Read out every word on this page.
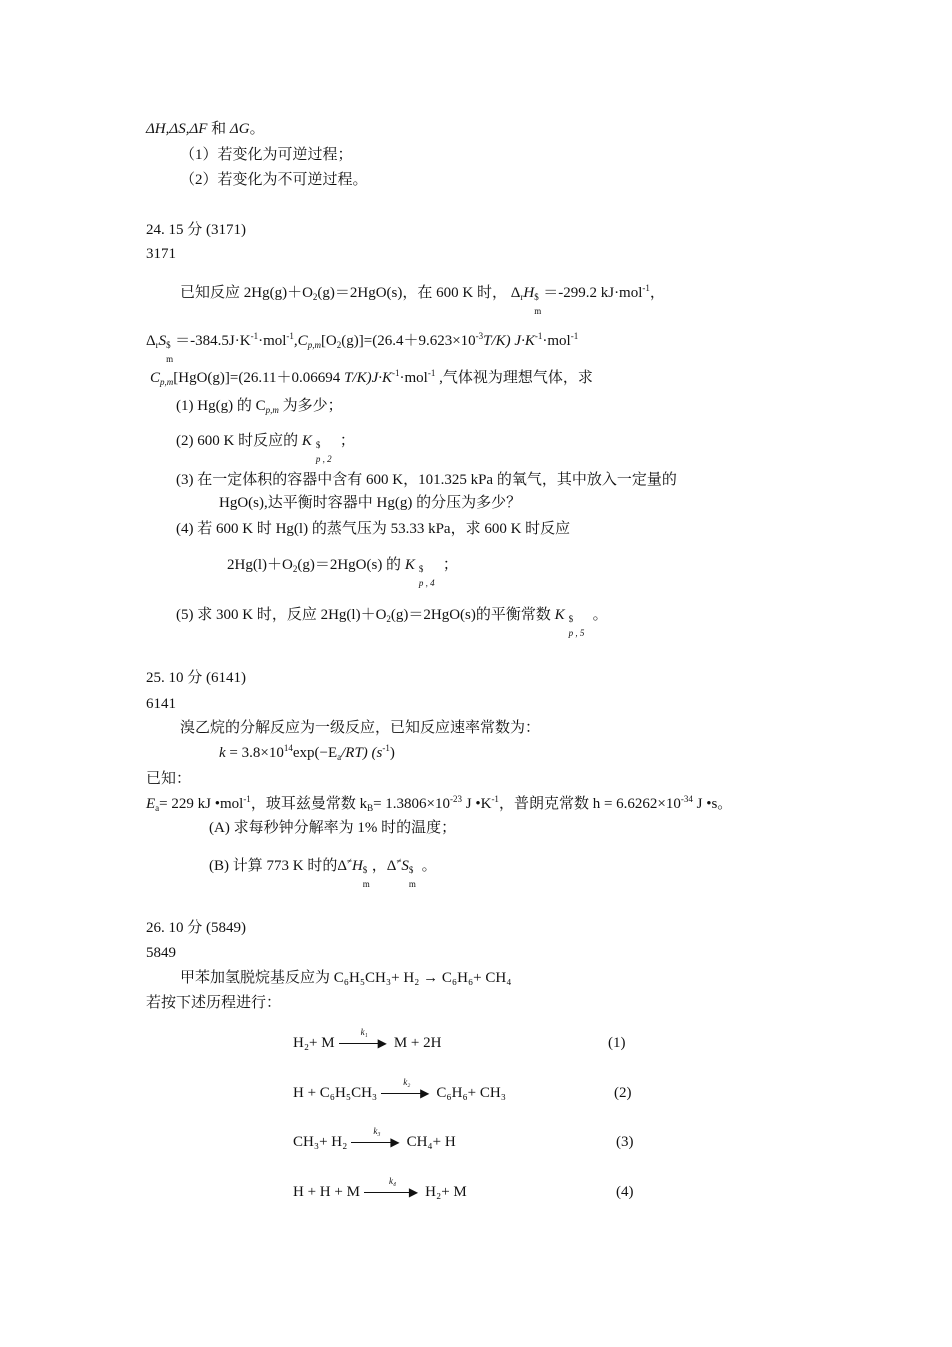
ΔH,ΔS,ΔF 和 ΔG。
（1）若变化为可逆过程；
（2）若变化为不可逆过程。
24. 15 分 (3171)
3171
已知反应 $2Hg(g)+O_2(g)=2HgO(s)$，在 600 K 时， $\Delta_rH$ $
m
＝-299.2 kJ·mol$^{-1}$，
$\Delta_rS$ $
m
$=-384.5J\cdot K^{-1}\cdot mol^{-1},C_{p,m}[O_2(g)]=(26.4+9.623\times 10^{-3}T/K)$ $J\cdot K^{-1}\cdot mol^{-1}$
$C_{p,m}[HgO(g)]=(26.11+0.06694$ $T/K)J\cdot K^{-1}\cdot mol^{-1}$ ,气体视为理想气体，求
(1) Hg(g) 的 $C_{p,m}$ 为多少；
(2) 600 K 时反应的 K $
p , 2
；
(3) 在一定体积的容器中含有 600 K，101.325 kPa 的氧气，其中放入一定量的
HgO(s),达平衡时容器中 Hg(g) 的分压为多少？
(4) 若 600 K 时 Hg(l) 的蒸气压为 53.33 kPa，求 600 K 时反应
$2Hg(l)+O_2(g)=2HgO(s)$ 的 K $
p , 4
；
(5) 求 300 K 时，反应 $2Hg(l)+O_2(g)=2HgO(s)$的平衡常数 K $
p , 5
。
25. 10 分 (6141)
6141
溴乙烷的分解反应为一级反应，已知反应速率常数为：
$k = 3.8\times 10^{14}\exp(-E_a/RT)$ $(s^{-1})$
已知：
$E_a= 229$ kJ •mol$^{-1}$，玻耳兹曼常数 $k_B= 1.3806\times 10^{-23}$ J $•K^{-1}$，普朗克常数 $h = 6.6262\times 10^{-34}$ J •s。
(A) 求每秒钟分解率为 1% 时的温度；
(B) 计算 773 K 时的Δ≠H $
m
，Δ≠S $
m
。
26. 10 分 (5849)
5849
甲苯加氢脱烷基反应为 C₆H₅CH₃+ H₂ → C₆H₆+ CH₄
若按下述历程进行：
H₂+ M
k₁
▶ M + 2H	(1)
H + C₆H₅CH₃
k₂
▶ C₆H₆+ CH₃	(2)
CH₃+ H₂
k₃
▶ CH₄+ H	(3)
H + H + M
k₄
▶ H₂+ M	(4)
